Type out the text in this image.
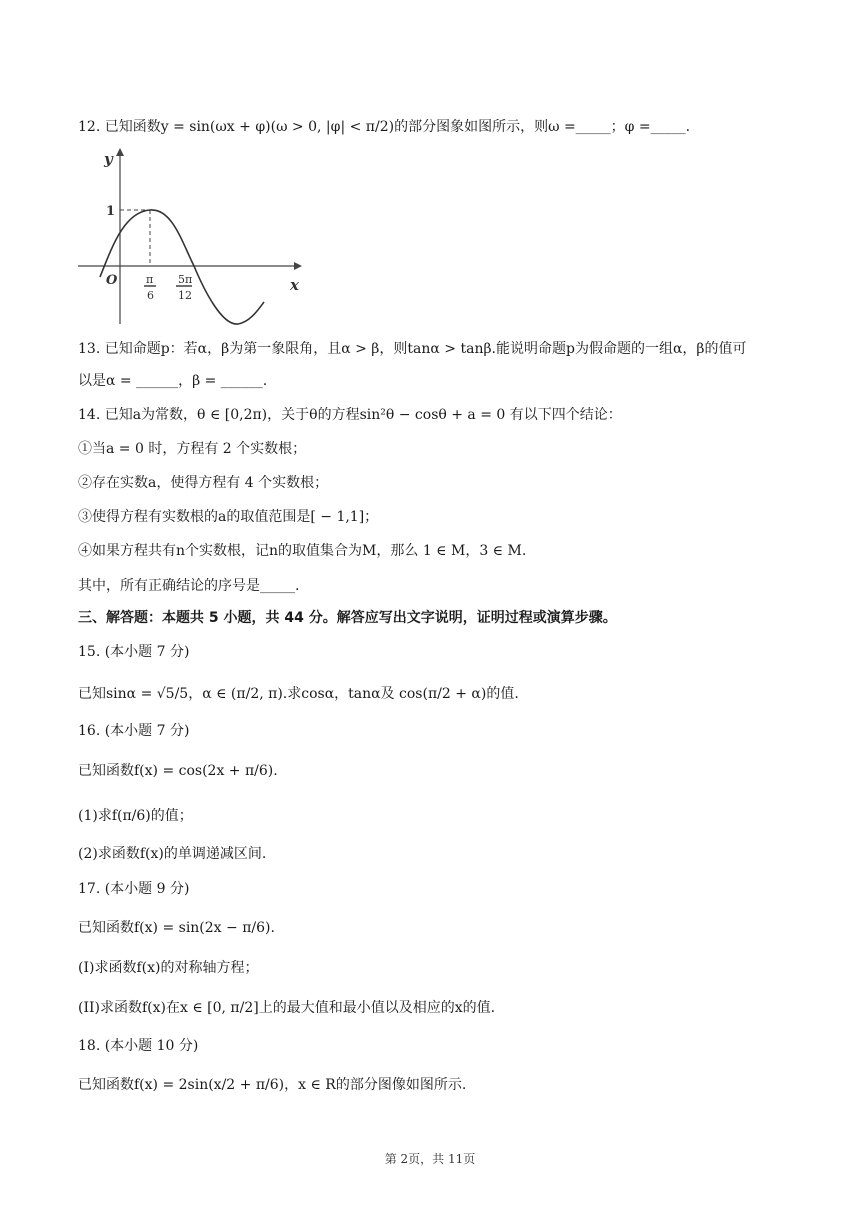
12. 已知函数y = sin(ωx + φ)(ω > 0, |φ| < π/2)的部分图象如图所示，则ω =_____；φ =_____.
y
x
O
1
π
6
5π
12
13. 已知命题p：若α，β为第一象限角，且α > β，则tanα > tanβ.能说明命题p为假命题的一组α，β的值可
以是α = ______，β = ______.
14. 已知a为常数，θ ∈ [0,2π)，关于θ的方程sin²θ − cosθ + a = 0 有以下四个结论：
①当a = 0 时，方程有 2 个实数根；
②存在实数a，使得方程有 4 个实数根；
③使得方程有实数根的a的取值范围是[ − 1,1]；
④如果方程共有n个实数根，记n的取值集合为M，那么 1 ∈ M，3 ∈ M.
其中，所有正确结论的序号是_____.
三、解答题：本题共 5 小题，共 44 分。解答应写出文字说明，证明过程或演算步骤。
15. (本小题 7 分)
已知sinα = √5/5，α ∈ (π/2, π).求cosα，tanα及 cos(π/2 + α)的值.
16. (本小题 7 分)
已知函数f(x) = cos(2x + π/6).
(1)求f(π/6)的值；
(2)求函数f(x)的单调递减区间.
17. (本小题 9 分)
已知函数f(x) = sin(2x − π/6).
(I)求函数f(x)的对称轴方程；
(II)求函数f(x)在x ∈ [0, π/2]上的最大值和最小值以及相应的x的值.
18. (本小题 10 分)
已知函数f(x) = 2sin(x/2 + π/6)，x ∈ R的部分图像如图所示.
第 2页，共 11页
